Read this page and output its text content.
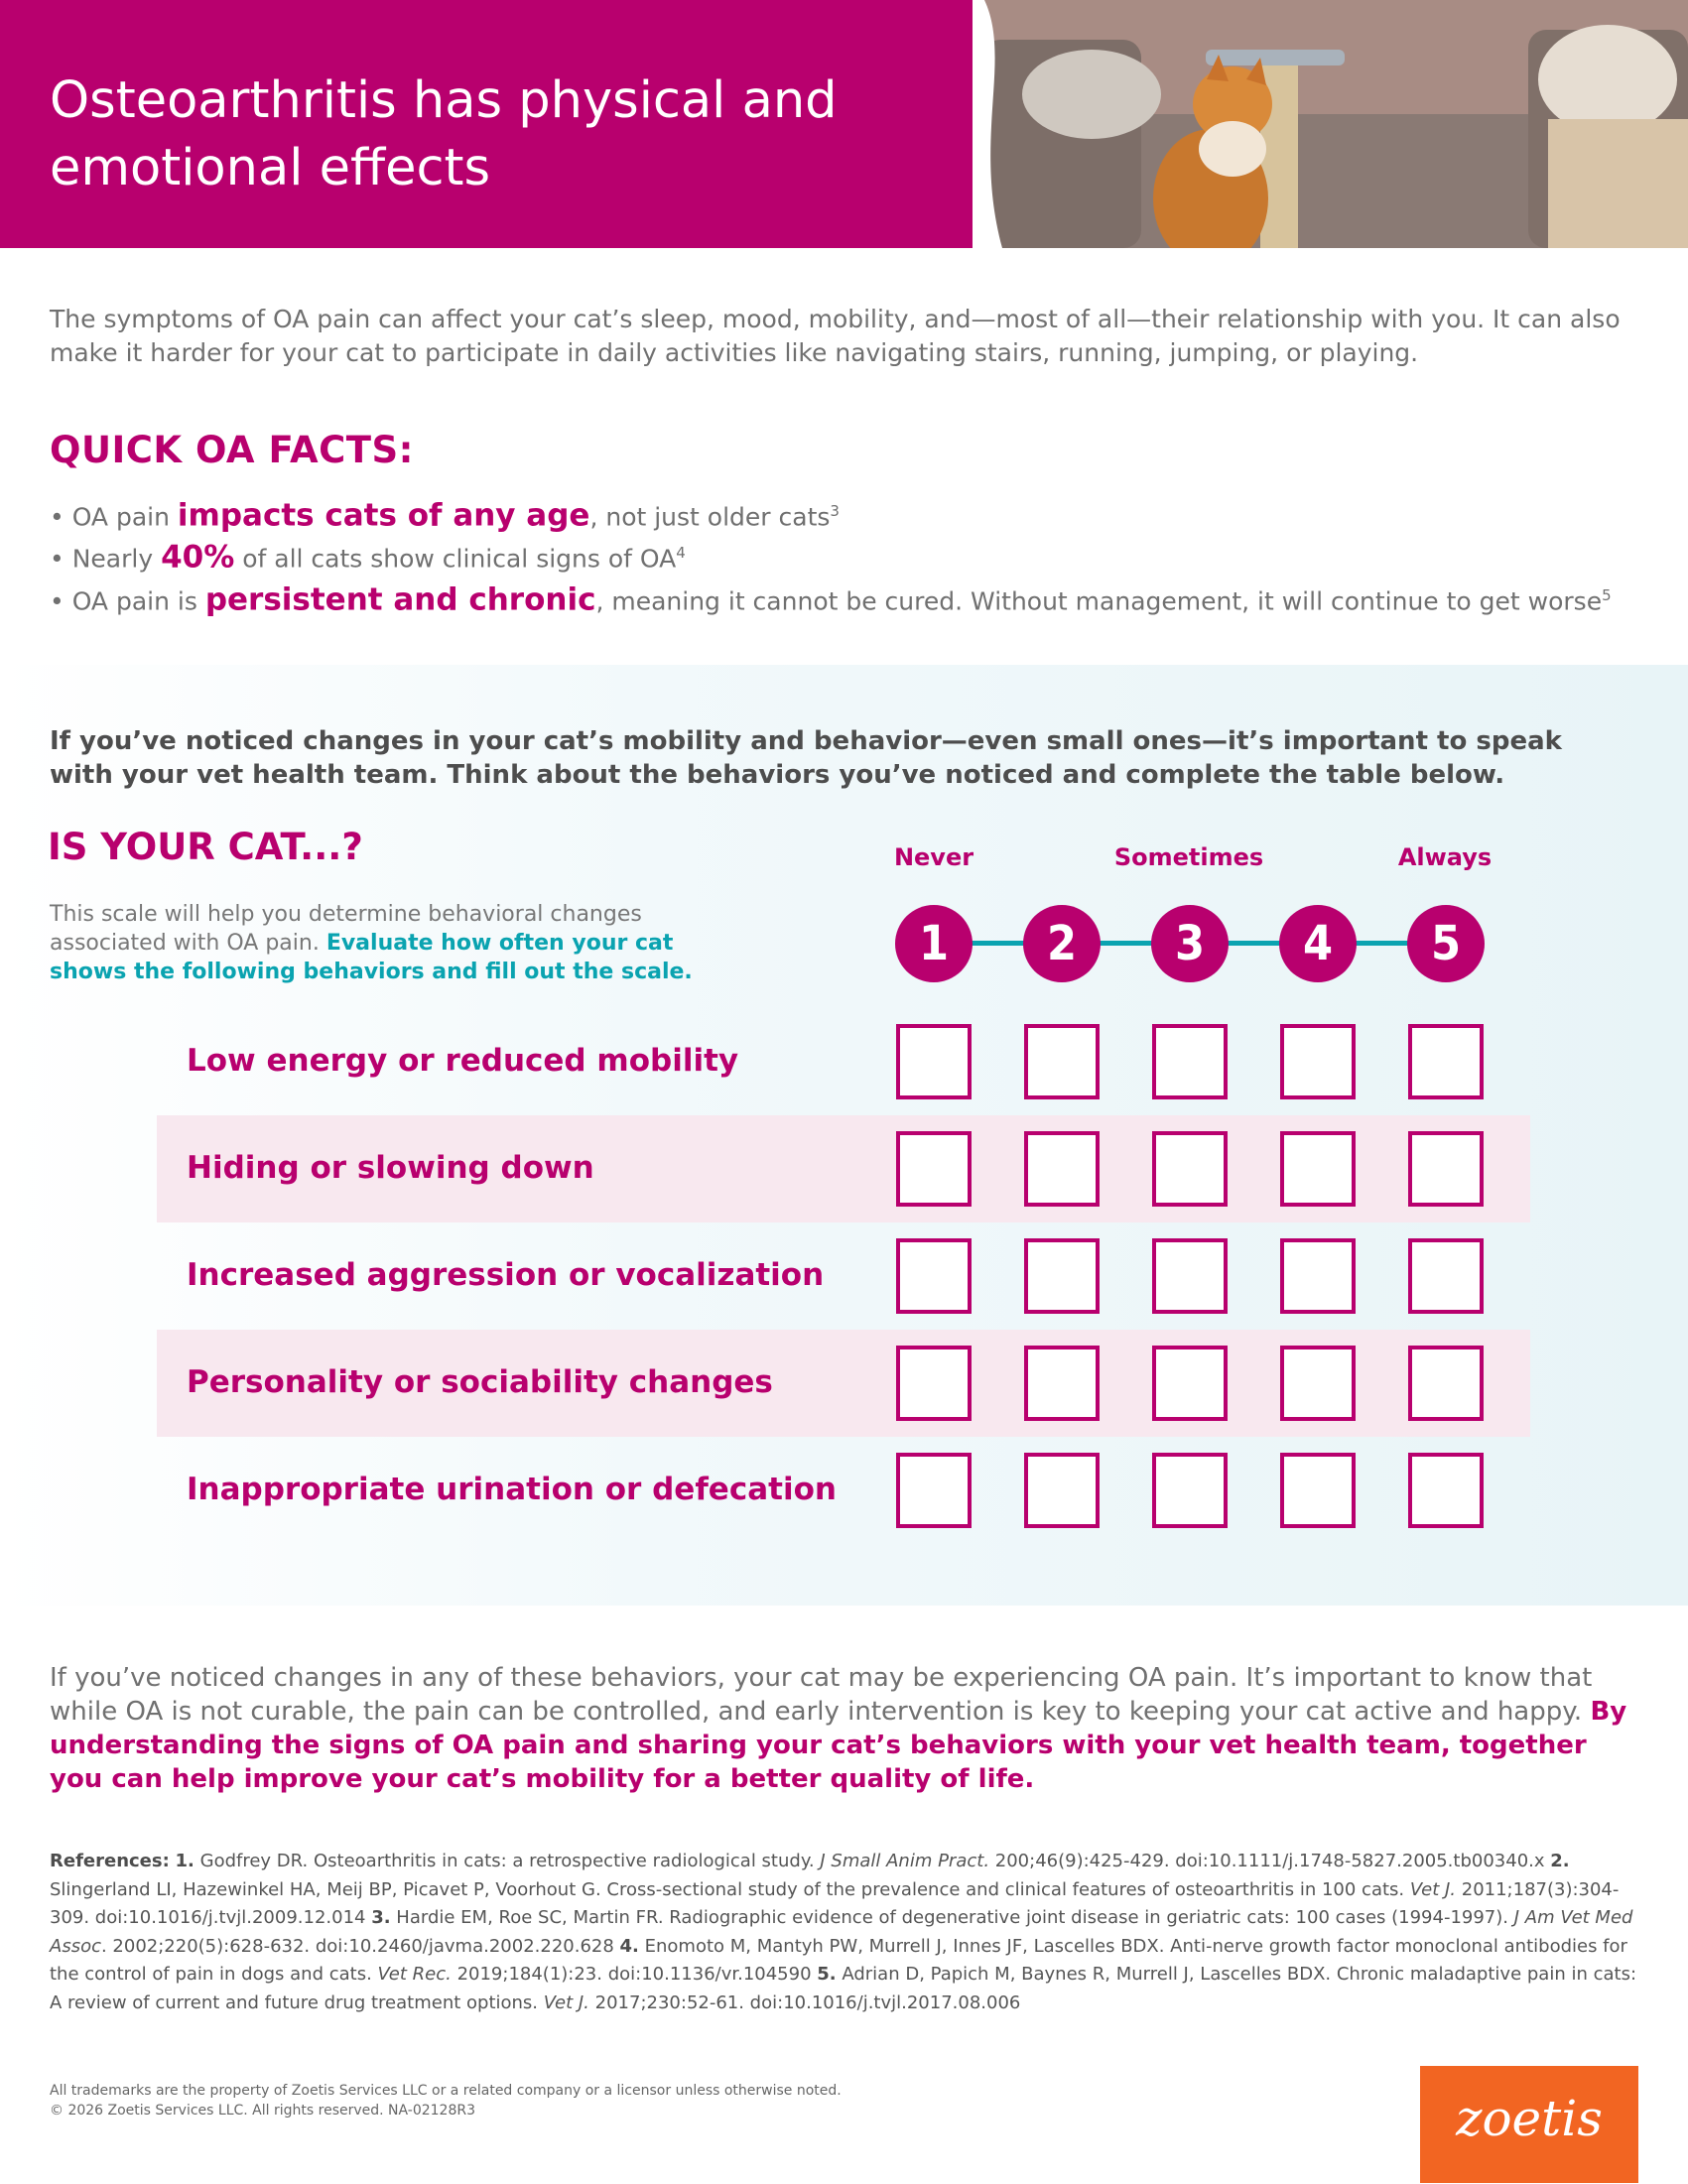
Osteoarthritis has physical and emotional effects

The symptoms of OA pain can affect your cat’s sleep, mood, mobility, and—most of all—their relationship with you. It can also make it harder for your cat to participate in daily activities like navigating stairs, running, jumping, or playing.

QUICK OA FACTS:
• OA pain impacts cats of any age, not just older cats$^3$
• Nearly 40% of all cats show clinical signs of $OA^4$
• OA pain is persistent and chronic, meaning it cannot be cured. Without management, it will continue to get worse$^5$

If you’ve noticed changes in your cat’s mobility and behavior—even small ones—it’s important to speak with your vet health team. Think about the behaviors you’ve noticed and complete the table below.

IS YOUR CAT...?

This scale will help you determine behavioral changes associated with OA pain. Evaluate how often your cat shows the following behaviors and fill out the scale.

Never	Sometimes	Always
1	2	3	4	5
Low energy or reduced mobility
Hiding or slowing down
Increased aggression or vocalization
Personality or sociability changes
Inappropriate urination or defecation

If you’ve noticed changes in any of these behaviors, your cat may be experiencing OA pain. It’s important to know that while OA is not curable, the pain can be controlled, and early intervention is key to keeping your cat active and happy. By understanding the signs of OA pain and sharing your cat’s behaviors with your vet health team, together you can help improve your cat’s mobility for a better quality of life.

References: 1. Godfrey DR. Osteoarthritis in cats: a retrospective radiological study. J Small Anim Pract. 200;46(9):425-429. doi:10.1111/j.1748-5827.2005.tb00340.x 2. Slingerland LI, Hazewinkel HA, Meij BP, Picavet P, Voorhout G. Cross-sectional study of the prevalence and clinical features of osteoarthritis in 100 cats. Vet J. 2011;187(3):304-309. doi:10.1016/j.tvjl.2009.12.014 3. Hardie EM, Roe SC, Martin FR. Radiographic evidence of degenerative joint disease in geriatric cats: 100 cases (1994-1997). J Am Vet Med Assoc. 2002;220(5):628-632. doi:10.2460/javma.2002.220.628 4. Enomoto M, Mantyh PW, Murrell J, Innes JF, Lascelles BDX. Anti-nerve growth factor monoclonal antibodies for the control of pain in dogs and cats. Vet Rec. 2019;184(1):23. doi:10.1136/vr.104590 5. Adrian D, Papich M, Baynes R, Murrell J, Lascelles BDX. Chronic maladaptive pain in cats: A review of current and future drug treatment options. Vet J. 2017;230:52-61. doi:10.1016/j.tvjl.2017.08.006

All trademarks are the property of Zoetis Services LLC or a related company or a licensor unless otherwise noted.
© 2026 Zoetis Services LLC. All rights reserved. NA-02128R3	zoetis
